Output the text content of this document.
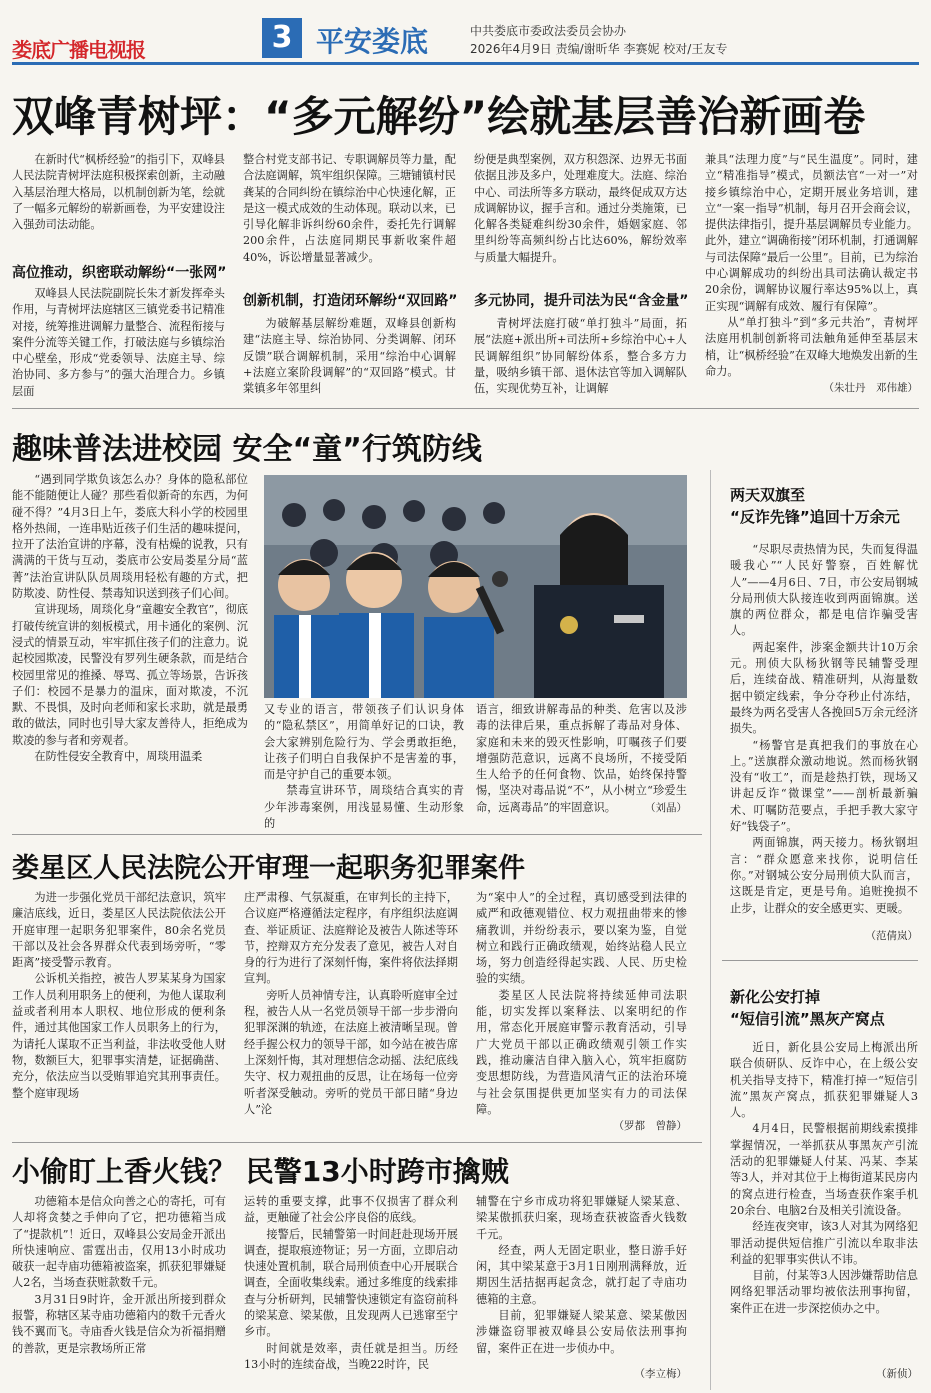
娄底广播电视报	3 平安娄底	中共娄底市委政法委员会协办
2026年4月9日 责编/谢昕华 李赛妮 校对/王友专
双峰青树坪：“多元解纷”绘就基层善治新画卷

在新时代“枫桥经验”的指引下，双峰县人民法院青树坪法庭积极探索创新，主动融入基层治理大格局，以机制创新为笔，绘就了一幅多元解纷的崭新画卷，为平安建设注入强劲司法动能。

高位推动，织密联动解纷“一张网”

双峰县人民法院副院长朱才新发挥牵头作用，与青树坪法庭辖区三镇党委书记精准对接，统筹推进调解力量整合、流程衔接与案件分流等关键工作，打破法庭与乡镇综治中心壁垒，形成“党委领导、法庭主导、综治协同、多方参与”的强大治理合力。乡镇层面

整合村党支部书记、专职调解员等力量，配合法庭调解，筑牢组织保障。三塘铺镇村民龚某的合同纠纷在镇综治中心快速化解，正是这一模式成效的生动体现。联动以来，已引导化解非诉纠纷60余件，委托先行调解200余件，占法庭同期民事新收案件超40%，诉讼增量显著减少。

创新机制，打造闭环解纷“双回路”

为破解基层解纷难题，双峰县创新构建“法庭主导、综治协同、分类调解、闭环反馈”联合调解机制，采用“综治中心调解+法庭立案阶段调解”的“双回路”模式。甘棠镇多年邻里纠

纷便是典型案例，双方积怨深、边界无书面依据且涉及多户，处理难度大。法庭、综治中心、司法所等多方联动，最终促成双方达成调解协议，握手言和。通过分类施策，已化解各类疑难纠纷30余件，婚姻家庭、邻里纠纷等高频纠纷占比达60%，解纷效率与质量大幅提升。

多元协同，提升司法为民“含金量”

青树坪法庭打破“单打独斗”局面，拓展“法庭+派出所+司法所+乡综治中心+人民调解组织”协同解纷体系，整合多方力量，吸纳乡镇干部、退休法官等加入调解队伍，实现优势互补，让调解

兼具“法理力度”与“民生温度”。同时，建立“精准指导”模式，员额法官“一对一”对接乡镇综治中心，定期开展业务培训，建立“一案一指导”机制，每月召开会商会议，提供法律指引，提升基层调解员专业能力。此外，建立“调确衔接”闭环机制，打通调解与司法保障“最后一公里”。目前，已为综治中心调解成功的纠纷出具司法确认裁定书20余份，调解协议履行率达95%以上，真正实现“调解有成效、履行有保障”。

从“单打独斗”到“多元共治”，青树坪法庭用机制创新将司法触角延伸至基层末梢，让“枫桥经验”在双峰大地焕发出新的生命力。

（朱壮丹　邓伟雄）
趣味普法进校园 安全“童”行筑防线

“遇到同学欺负该怎么办？身体的隐私部位能不能随便让人碰？那些看似新奇的东西，为何碰不得？”4月3日上午，娄底大科小学的校园里格外热闹，一连串贴近孩子们生活的趣味提问，拉开了法治宣讲的序幕，没有枯燥的说教，只有满满的干货与互动，娄底市公安局娄星分局“蓝菁”法治宣讲队队员周琰用轻松有趣的方式，把防欺凌、防性侵、禁毒知识送到孩子们心间。

宣讲现场，周琰化身“童趣安全教官”，彻底打破传统宣讲的刻板模式，用卡通化的案例、沉浸式的情景互动，牢牢抓住孩子们的注意力。说起校园欺凌，民警没有罗列生硬条款，而是结合校园里常见的推搡、辱骂、孤立等场景，告诉孩子们：校园不是暴力的温床，面对欺凌，不沉默、不畏惧，及时向老师和家长求助，就是最勇敢的做法，同时也引导大家友善待人，拒绝成为欺凌的参与者和旁观者。

在防性侵安全教育中，周琰用温柔

又专业的语言，带领孩子们认识身体的“隐私禁区”，用简单好记的口诀，教会大家辨别危险行为、学会勇敢拒绝，让孩子们明白自我保护不是害羞的事，而是守护自己的重要本领。

禁毒宣讲环节，周琰结合真实的青少年涉毒案例，用浅显易懂、生动形象的

语言，细致讲解毒品的种类、危害以及涉毒的法律后果，重点拆解了毒品对身体、家庭和未来的毁灭性影响，叮嘱孩子们要增强防范意识，远离不良场所，不接受陌生人给予的任何食物、饮品，始终保持警惕，坚决对毒品说“不”，从小树立“珍爱生命，远离毒品”的牢固意识。	（刘晶）
娄星区人民法院公开审理一起职务犯罪案件

为进一步强化党员干部纪法意识，筑牢廉洁底线，近日，娄星区人民法院依法公开开庭审理一起职务犯罪案件，80余名党员干部以及社会各界群众代表到场旁听，“零距离”接受警示教育。

公诉机关指控，被告人罗某某身为国家工作人员利用职务上的便利，为他人谋取利益或者利用本人职权、地位形成的便利条件，通过其他国家工作人员职务上的行为，为请托人谋取不正当利益，非法收受他人财物，数额巨大，犯罪事实清楚，证据确凿、充分，依法应当以受贿罪追究其刑事责任。整个庭审现场

庄严肃穆、气氛凝重，在审判长的主持下，合议庭严格遵循法定程序，有序组织法庭调查、举证质证、法庭辩论及被告人陈述等环节，控辩双方充分发表了意见，被告人对自身的行为进行了深刻忏悔，案件将依法择期宣判。

旁听人员神情专注，认真聆听庭审全过程，被告人从一名党员领导干部一步步滑向犯罪深渊的轨迹，在法庭上被清晰呈现。曾经手握公权力的领导干部，如今站在被告席上深刻忏悔，其对理想信念动摇、法纪底线失守、权力观扭曲的反思，让在场每一位旁听者深受触动。旁听的党员干部日睹“身边人”沦

为“案中人”的全过程，真切感受到法律的威严和政德观错位、权力观扭曲带来的惨痛教训，并纷纷表示，要以案为鉴，自觉树立和践行正确政绩观，始终站稳人民立场，努力创造经得起实践、人民、历史检验的实绩。

娄星区人民法院将持续延伸司法职能，切实发挥以案释法、以案明纪的作用，常态化开展庭审警示教育活动，引导广大党员干部以正确政绩观引领工作实践，推动廉洁自律入脑入心，筑牢拒腐防变思想防线，为营造风清气正的法治环境与社会氛围提供更加坚实有力的司法保障。

（罗都　曾静）
小偷盯上香火钱？ 民警13小时跨市擒贼

功德箱本是信众向善之心的寄托，可有人却将贪婪之手伸向了它，把功德箱当成了“提款机”！近日，双峰县公安局金开派出所快速响应、雷霆出击，仅用13小时成功破获一起寺庙功德箱被盗案，抓获犯罪嫌疑人2名，当场查获赃款数千元。

3月31日9时许，金开派出所接到群众报警，称辖区某寺庙功德箱内的数千元香火钱不翼而飞。寺庙香火钱是信众为祈福捐赠的善款，更是宗教场所正常

运转的重要支撑，此事不仅损害了群众利益，更触碰了社会公序良俗的底线。

接警后，民辅警第一时间赶赴现场开展调查，提取痕迹物证；另一方面，立即启动快速处置机制，联合局刑侦查中心开展联合调查，全面收集线索。通过多维度的线索排查与分析研判，民辅警快速锁定有盗窃前科的梁某意、梁某傲，且发现两人已逃窜至宁乡市。

时间就是效率，责任就是担当。历经13小时的连续奋战，当晚22时许，民

辅警在宁乡市成功将犯罪嫌疑人梁某意、梁某傲抓获归案，现场查获被盗香火钱数千元。

经查，两人无固定职业，整日游手好闲，其中梁某意于3月1日刚刑满释放，近期因生活拮据再起贪念，就打起了寺庙功德箱的主意。

目前，犯罪嫌疑人梁某意、梁某傲因涉嫌盗窃罪被双峰县公安局依法刑事拘留，案件正在进一步侦办中。

（李立梅）
两天双旗至
“反诈先锋”追回十万余元

“尽职尽责热情为民，失而复得温暖我心”“人民好警察，百姓解忧人”——4月6日、7日，市公安局钢城分局刑侦大队接连收到两面锦旗。送旗的两位群众，都是电信诈骗受害人。

两起案件，涉案金额共计10万余元。刑侦大队杨狄钢等民辅警受理后，连续奋战、精准研判，从海量数据中锁定线索，争分夺秒止付冻结，最终为两名受害人各挽回5万余元经济损失。

“杨警官是真把我们的事放在心上。”送旗群众激动地说。然而杨狄钢没有“收工”，而是趁热打铁，现场又讲起反诈“微课堂”——剖析最新骗术、叮嘱防范要点，手把手教大家守好“钱袋子”。

两面锦旗，两天接力。杨狄钢坦言：“群众愿意来找你，说明信任你。”对钢城公安分局刑侦大队而言，这既是肯定，更是号角。追赃挽损不止步，让群众的安全感更实、更暖。

（范倩岚）
新化公安打掉
“短信引流”黑灰产窝点

近日，新化县公安局上梅派出所联合侦研队、反诈中心，在上级公安机关指导支持下，精准打掉一“短信引流”黑灰产窝点，抓获犯罪嫌疑人3人。

4月4日，民警根据前期线索摸排掌握情况，一举抓获从事黑灰产引流活动的犯罪嫌疑人付某、冯某、李某等3人，并对其位于上梅街道某民房内的窝点进行检查，当场查获作案手机20余台、电脑2台及相关引流设备。

经连夜突审，该3人对其为网络犯罪活动提供短信推广引流以牟取非法利益的犯罪事实供认不讳。

目前，付某等3人因涉嫌帮助信息网络犯罪活动罪均被依法刑事拘留，案件正在进一步深挖侦办之中。

（新侦）
